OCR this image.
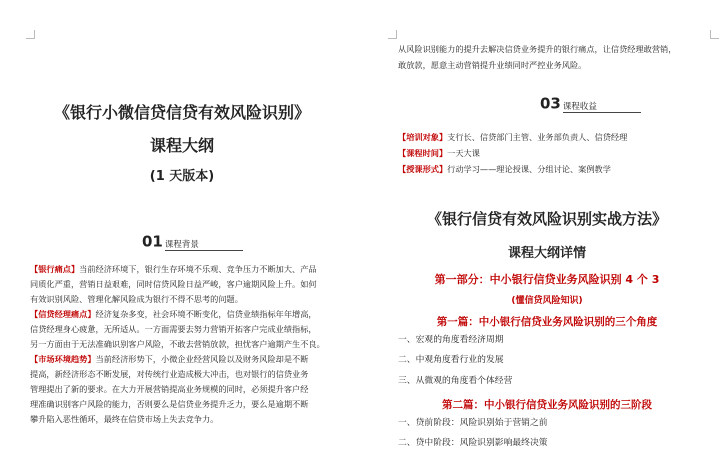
《银行小微信贷信贷有效风险识别》
课程大纲
(1 天版本)
01 课程背景
【银行痛点】当前经济环境下，银行生存环境不乐观、竞争压力不断加大、产品
同质化严重，营销日益艰难，同时信贷风险日益严峻，客户逾期风险上升。如何
有效识别风险、管理化解风险成为银行不得不思考的问题。
【信贷经理痛点】经济复杂多变，社会环境不断变化，信贷业绩指标年年增高，
信贷经理身心疲惫，无所适从。一方面需要去努力营销开拓客户完成业绩指标，
另一方面由于无法准确识别客户风险，不敢去营销放款，担忧客户逾期产生不良。
【市场环境趋势】当前经济形势下，小微企业经营风险以及财务风险却是不断
提高，新经济形态不断发展，对传统行业造成极大冲击，也对银行的信贷业务
管理提出了新的要求。在大力开展营销提高业务规模的同时，必须提升客户经
理准确识别客户风险的能力，否则要么是信贷业务提升乏力，要么是逾期不断
攀升陷入恶性循环，最终在信贷市场上失去竞争力。
从风险识别能力的提升去解决信贷业务提升的银行痛点，让信贷经理敢营销，
敢放款，愿意主动营销提升业绩同时严控业务风险。
03 课程收益
【培训对象】支行长、信贷部门主管、业务部负责人、信贷经理
【课程时间】一天大课
【授课形式】行动学习——理论授课、分组讨论、案例教学
《银行信贷有效风险识别实战方法》
课程大纲详情
第一部分：中小银行信贷业务风险识别 4 个 3
(懂信贷风险知识)
第一篇：中小银行信贷业务风险识别的三个角度
一、宏观的角度看经济周期
二、中观角度看行业的发展
三、从微观的角度看个体经营
第二篇：中小银行信贷业务风险识别的三阶段
一、贷前阶段：风险识别始于营销之前
二、贷中阶段：风险识别影响最终决策
